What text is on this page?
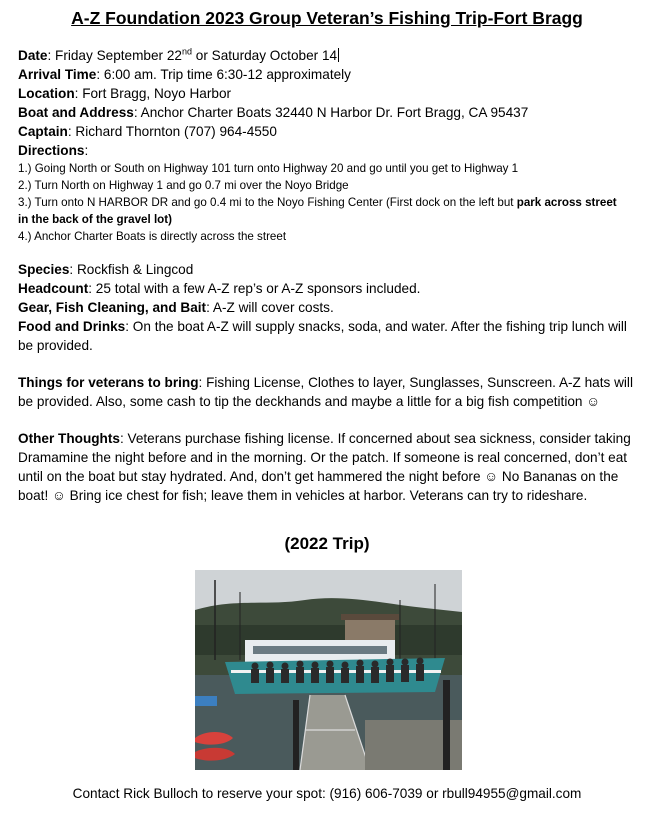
A-Z Foundation 2023 Group Veteran’s Fishing Trip-Fort Bragg
Date: Friday September 22nd or Saturday October 14
Arrival Time: 6:00 am. Trip time 6:30-12 approximately
Location: Fort Bragg, Noyo Harbor
Boat and Address: Anchor Charter Boats 32440 N Harbor Dr. Fort Bragg, CA 95437
Captain: Richard Thornton (707) 964-4550
Directions:
1.) Going North or South on Highway 101 turn onto Highway 20 and go until you get to Highway 1
2.) Turn North on Highway 1 and go 0.7 mi over the Noyo Bridge
3.) Turn onto N HARBOR DR and go 0.4 mi to the Noyo Fishing Center (First dock on the left but park across street in the back of the gravel lot)
4.) Anchor Charter Boats is directly across the street
Species: Rockfish & Lingcod
Headcount: 25 total with a few A-Z rep’s or A-Z sponsors included.
Gear, Fish Cleaning, and Bait: A-Z will cover costs.
Food and Drinks: On the boat A-Z will supply snacks, soda, and water. After the fishing trip lunch will be provided.
Things for veterans to bring: Fishing License, Clothes to layer, Sunglasses, Sunscreen. A-Z hats will be provided. Also, some cash to tip the deckhands and maybe a little for a big fish competition ☺
Other Thoughts: Veterans purchase fishing license. If concerned about sea sickness, consider taking Dramamine the night before and in the morning. Or the patch. If someone is real concerned, don’t eat until on the boat but stay hydrated. And, don’t get hammered the night before ☺ No Bananas on the boat! ☺ Bring ice chest for fish; leave them in vehicles at harbor. Veterans can try to rideshare.
(2022 Trip)
Contact Rick Bulloch to reserve your spot: (916) 606-7039 or rbull94955@gmail.com
